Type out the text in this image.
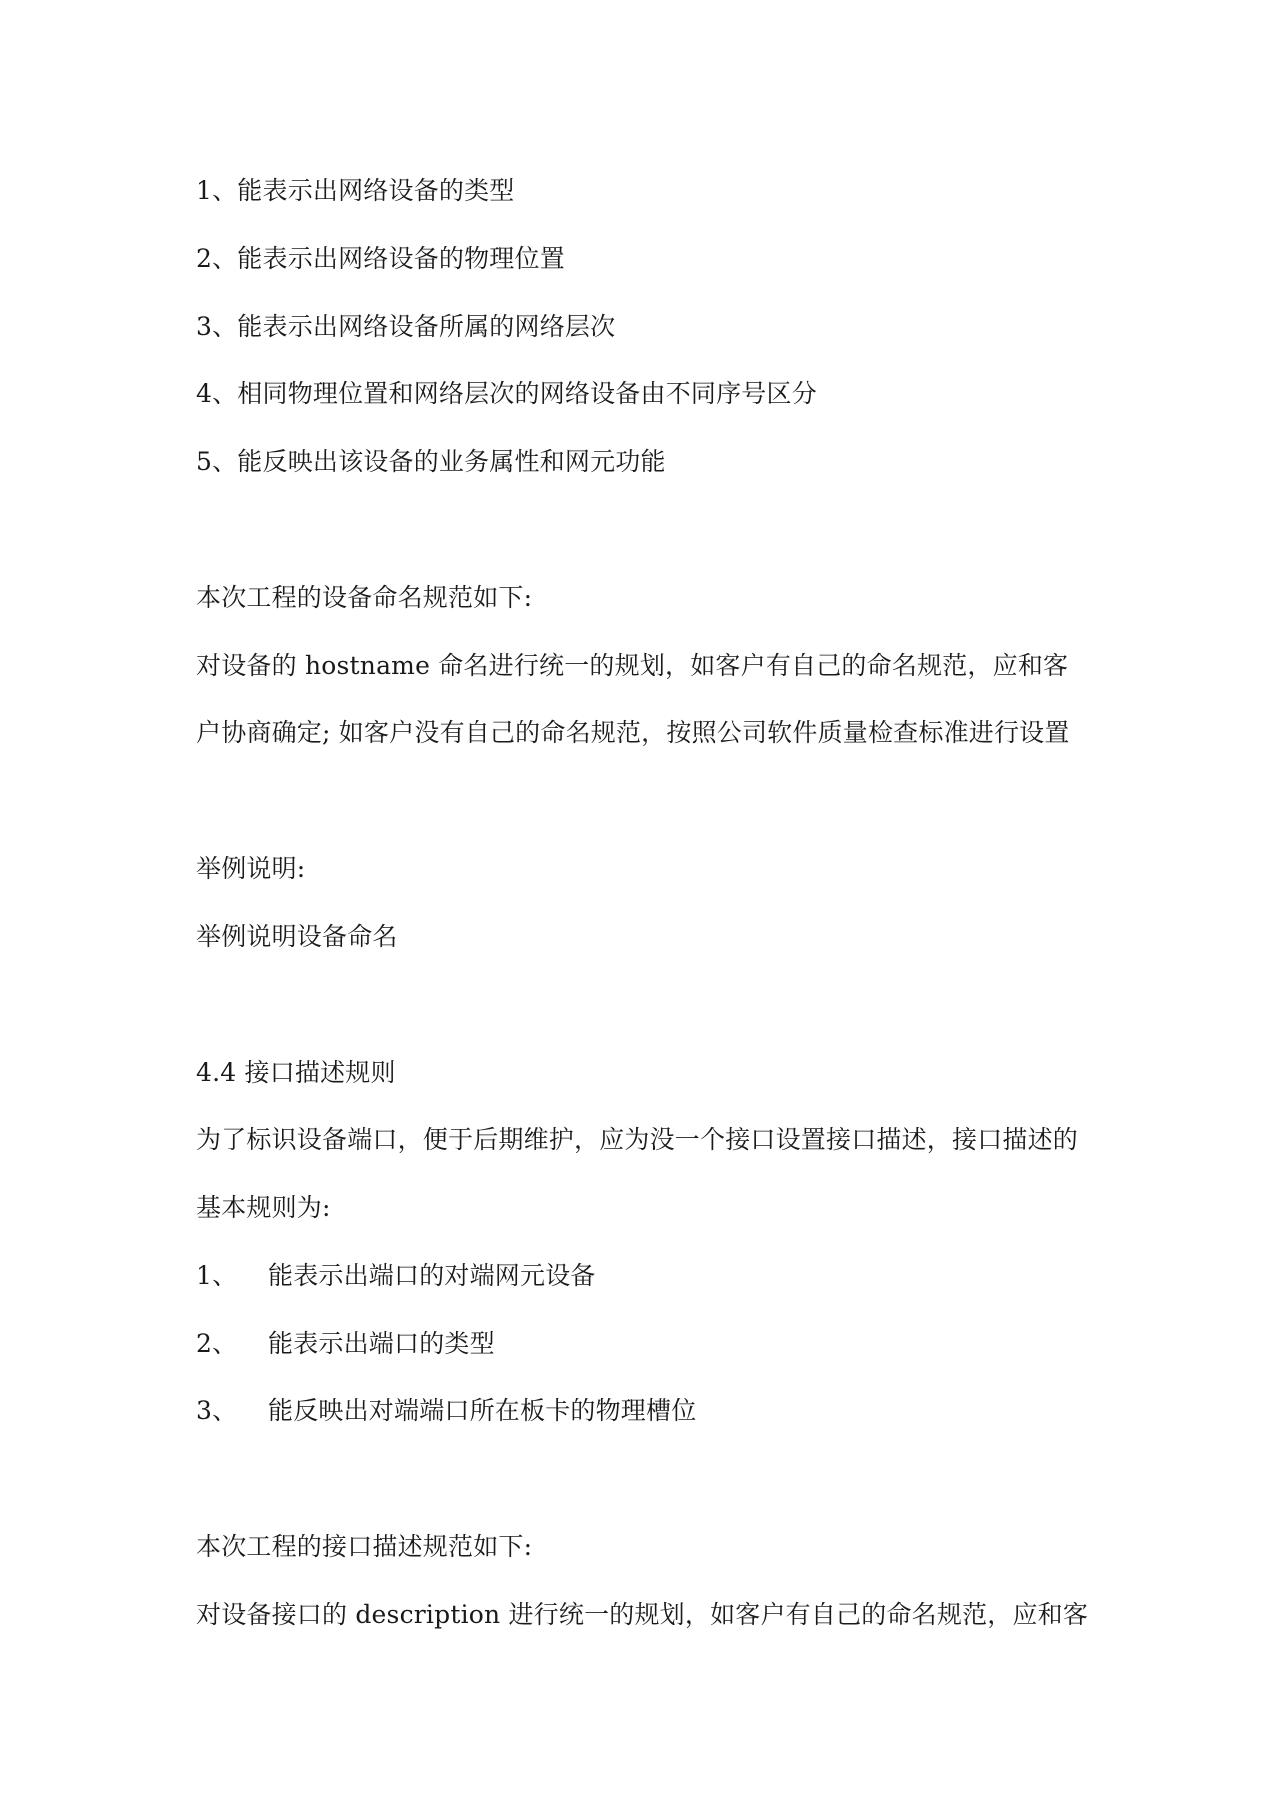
1、能表示出网络设备的类型
2、能表示出网络设备的物理位置
3、能表示出网络设备所属的网络层次
4、相同物理位置和网络层次的网络设备由不同序号区分
5、能反映出该设备的业务属性和网元功能
本次工程的设备命名规范如下:
对设备的 hostname 命名进行统一的规划，如客户有自己的命名规范，应和客
户协商确定; 如客户没有自己的命名规范，按照公司软件质量检查标准进行设置
举例说明:
举例说明设备命名
4.4 接口描述规则
为了标识设备端口，便于后期维护，应为没一个接口设置接口描述，接口描述的
基本规则为:
1、 能表示出端口的对端网元设备
2、 能表示出端口的类型
3、 能反映出对端端口所在板卡的物理槽位
本次工程的接口描述规范如下:
对设备接口的 description 进行统一的规划，如客户有自己的命名规范，应和客
